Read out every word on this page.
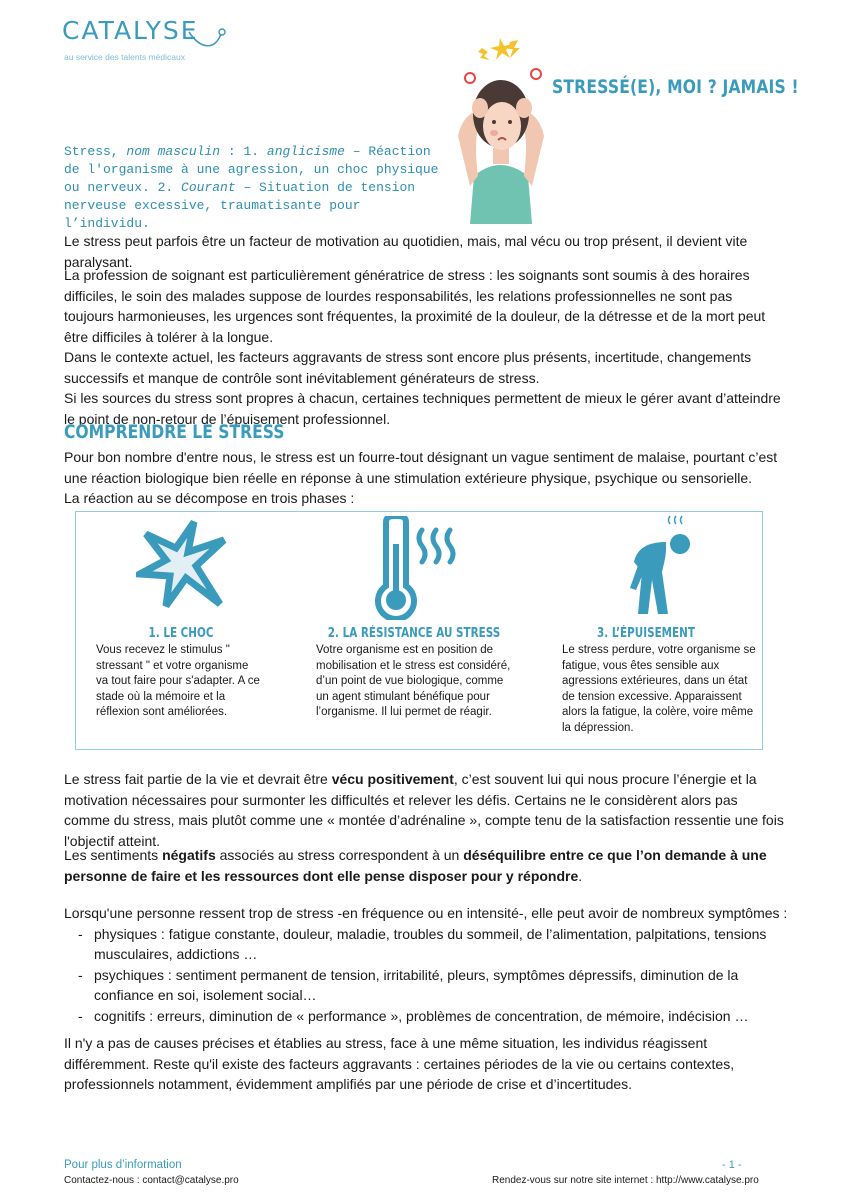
CATALYSE
au service des talents médicaux
STRESSÉ(E), MOI ? JAMAIS !
Stress, nom masculin : 1. anglicisme – Réaction de l'organisme à une agression, un choc physique ou nerveux. 2. Courant – Situation de tension nerveuse excessive, traumatisante pour l’individu.
Le stress peut parfois être un facteur de motivation au quotidien, mais, mal vécu ou trop présent, il devient vite paralysant.

La profession de soignant est particulièrement génératrice de stress : les soignants sont soumis à des horaires difficiles, le soin des malades suppose de lourdes responsabilités, les relations professionnelles ne sont pas toujours harmonieuses, les urgences sont fréquentes, la proximité de la douleur, de la détresse et de la mort peut être difficiles à tolérer à la longue.

Dans le contexte actuel, les facteurs aggravants de stress sont encore plus présents, incertitude, changements successifs et manque de contrôle sont inévitablement générateurs de stress.

Si les sources du stress sont propres à chacun, certaines techniques permettent de mieux le gérer avant d’atteindre le point de non-retour de l’épuisement professionnel.

COMPRENDRE LE STRESS

Pour bon nombre d'entre nous, le stress est un fourre-tout désignant un vague sentiment de malaise, pourtant c’est une réaction biologique bien réelle en réponse à une stimulation extérieure physique, psychique ou sensorielle.

La réaction au se décompose en trois phases :

1. LE CHOC	2. LA RÉSISTANCE AU STRESS	3. L’ÉPUISEMENT
Vous recevez le stimulus " stressant " et votre organisme va tout faire pour s'adapter. A ce stade où la mémoire et la réflexion sont améliorées.
Votre organisme est en position de mobilisation et le stress est considéré, d’un point de vue biologique, comme un agent stimulant bénéfique pour l’organisme. Il lui permet de réagir.
Le stress perdure, votre organisme se fatigue, vous êtes sensible aux agressions extérieures, dans un état de tension excessive. Apparaissent alors la fatigue, la colère, voire même la dépression.
Le stress fait partie de la vie et devrait être vécu positivement, c’est souvent lui qui nous procure l’énergie et la motivation nécessaires pour surmonter les difficultés et relever les défis. Certains ne le considèrent alors pas comme du stress, mais plutôt comme une « montée d’adrénaline », compte tenu de la satisfaction ressentie une fois l'objectif atteint.
Les sentiments négatifs associés au stress correspondent à un déséquilibre entre ce que l’on demande à une personne de faire et les ressources dont elle pense disposer pour y répondre.

Lorsqu'une personne ressent trop de stress -en fréquence ou en intensité-, elle peut avoir de nombreux symptômes :

- physiques : fatigue constante, douleur, maladie, troubles du sommeil, de l’alimentation, palpitations, tensions musculaires, addictions …
- psychiques : sentiment permanent de tension, irritabilité, pleurs, symptômes dépressifs, diminution de la confiance en soi, isolement social…
- cognitifs : erreurs, diminution de « performance », problèmes de concentration, de mémoire, indécision …
Il n'y a pas de causes précises et établies au stress, face à une même situation, les individus réagissent différemment. Reste qu'il existe des facteurs aggravants : certaines périodes de la vie ou certains contextes, professionnels notamment, évidemment amplifiés par une période de crise et d’incertitudes.
Pour plus d’information
Contactez-nous : contact@catalyse.pro
- 1 -
Rendez-vous sur notre site internet : http://www.catalyse.pro
